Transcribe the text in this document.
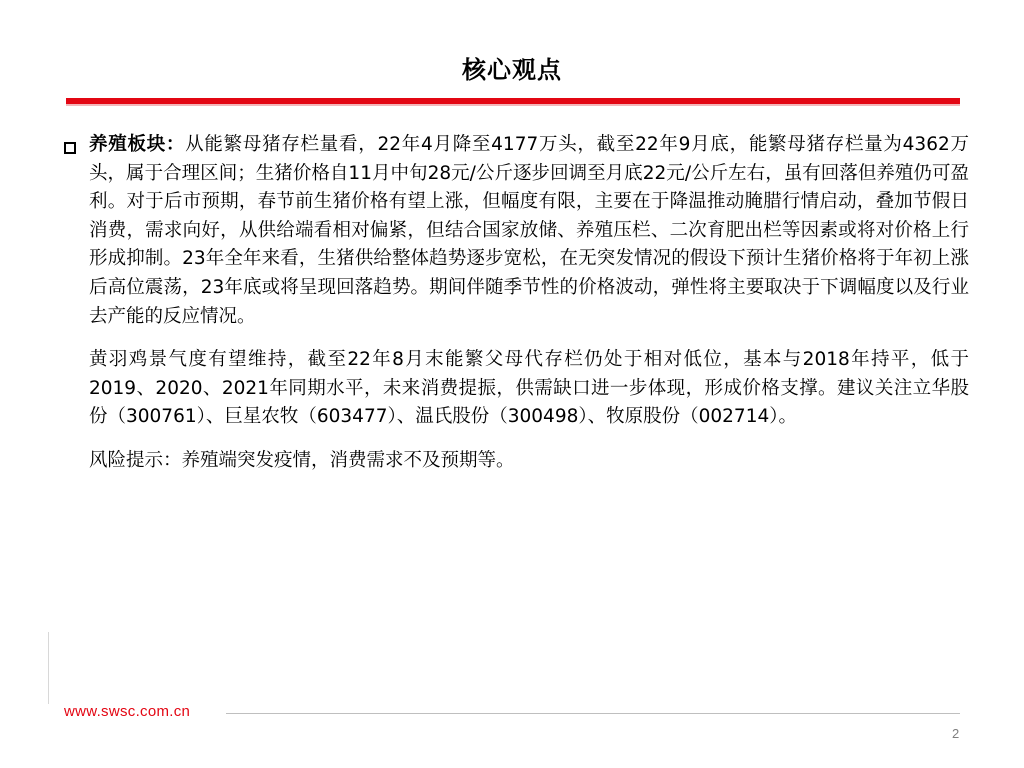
核心观点

养殖板块：从能繁母猪存栏量看，22年4月降至4177万头，截至22年9月底，能繁母猪存栏量为4362万头，属于合理区间；生猪价格自11月中旬28元/公斤逐步回调至月底22元/公斤左右，虽有回落但养殖仍可盈利。对于后市预期，春节前生猪价格有望上涨，但幅度有限，主要在于降温推动腌腊行情启动，叠加节假日消费，需求向好，从供给端看相对偏紧，但结合国家放储、养殖压栏、二次育肥出栏等因素或将对价格上行形成抑制。23年全年来看，生猪供给整体趋势逐步宽松，在无突发情况的假设下预计生猪价格将于年初上涨后高位震荡，23年底或将呈现回落趋势。期间伴随季节性的价格波动，弹性将主要取决于下调幅度以及行业去产能的反应情况。

黄羽鸡景气度有望维持，截至22年8月末能繁父母代存栏仍处于相对低位，基本与2018年持平，低于2019、2020、2021年同期水平，未来消费提振，供需缺口进一步体现，形成价格支撑。建议关注立华股份（300761）、巨星农牧（603477）、温氏股份（300498）、牧原股份（002714）。

风险提示：养殖端突发疫情，消费需求不及预期等。

www.swsc.com.cn
2
